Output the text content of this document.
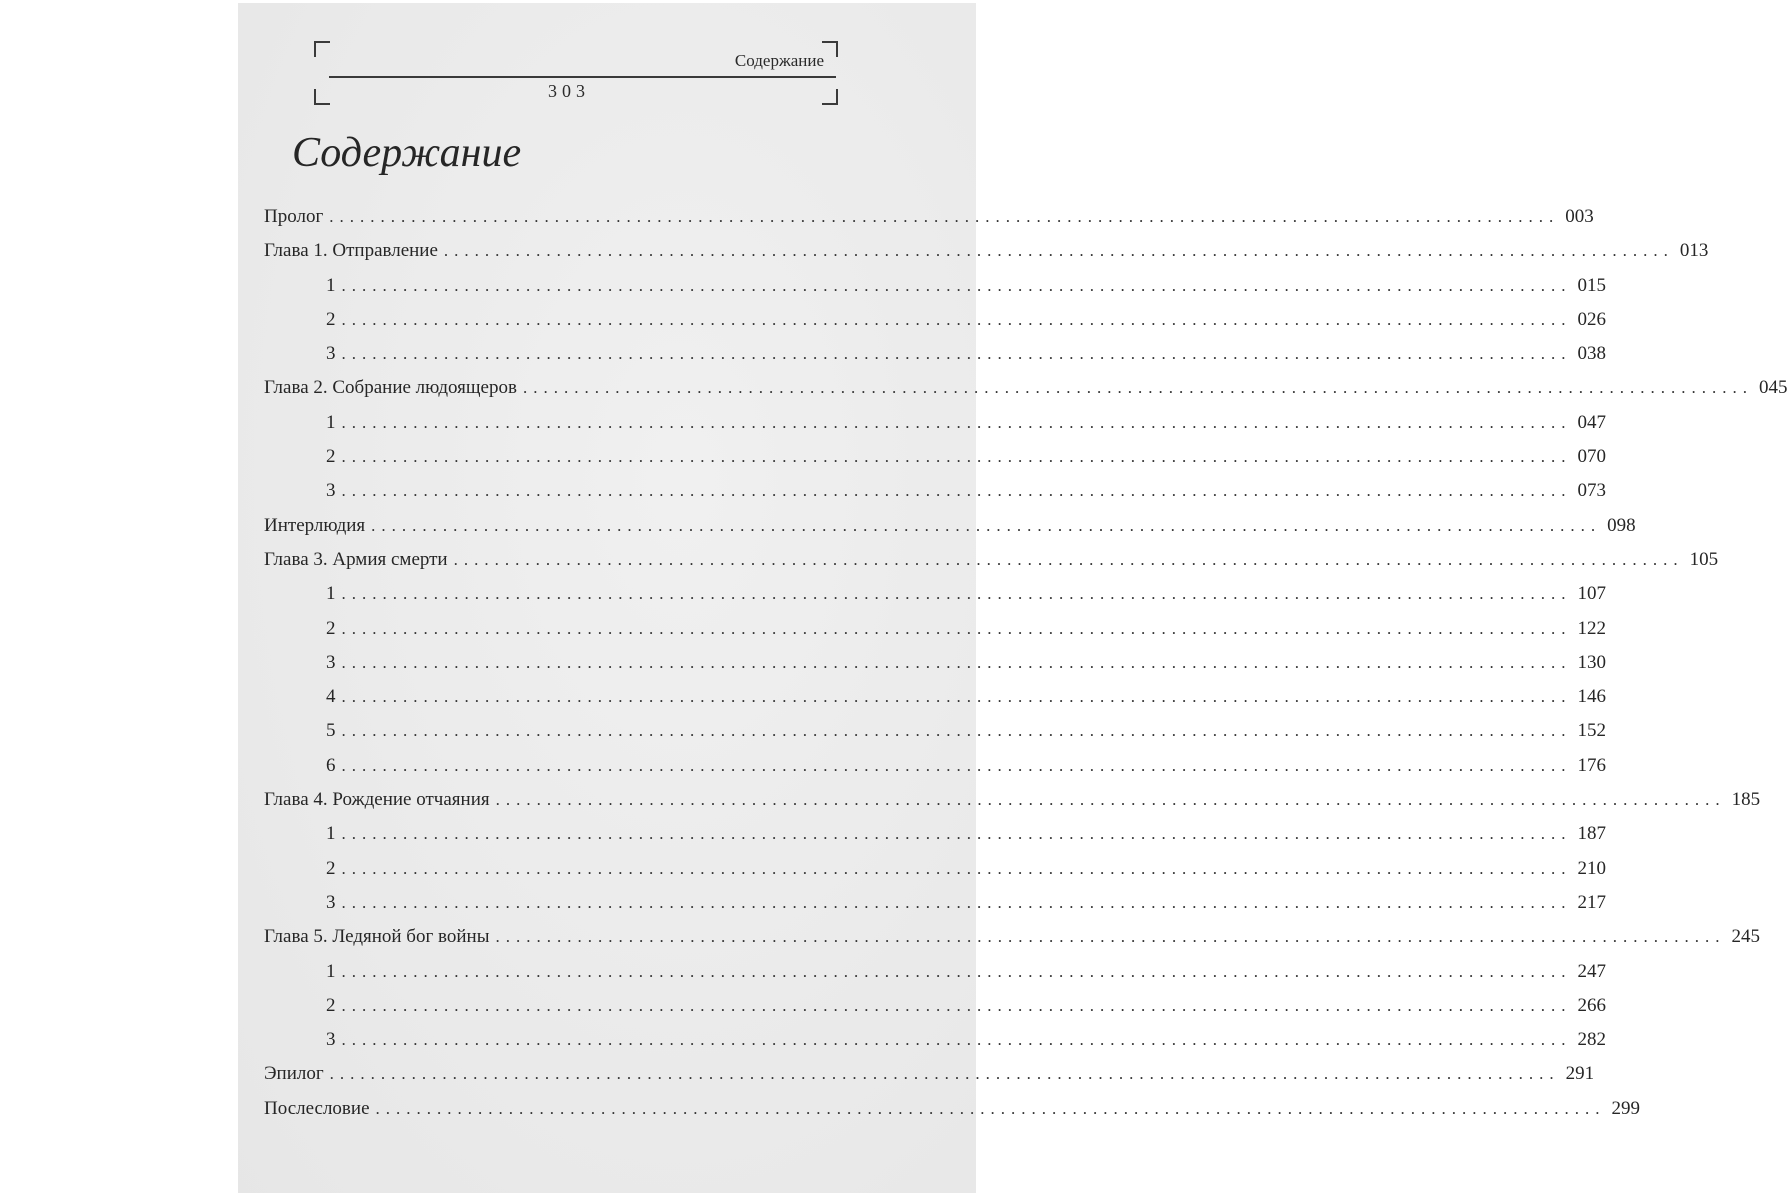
Содержание
303
Содержание
Пролог ........................................................................................................................ 003
Глава 1. Отправление ........................................................................................................................ 013
1 ........................................................................................................................ 015
2 ........................................................................................................................ 026
3 ........................................................................................................................ 038
Глава 2. Собрание людоящеров ........................................................................................................................ 045
1 ........................................................................................................................ 047
2 ........................................................................................................................ 070
3 ........................................................................................................................ 073
Интерлюдия ........................................................................................................................ 098
Глава 3. Армия смерти ........................................................................................................................ 105
1 ........................................................................................................................ 107
2 ........................................................................................................................ 122
3 ........................................................................................................................ 130
4 ........................................................................................................................ 146
5 ........................................................................................................................ 152
6 ........................................................................................................................ 176
Глава 4. Рождение отчаяния ........................................................................................................................ 185
1 ........................................................................................................................ 187
2 ........................................................................................................................ 210
3 ........................................................................................................................ 217
Глава 5. Ледяной бог войны ........................................................................................................................ 245
1 ........................................................................................................................ 247
2 ........................................................................................................................ 266
3 ........................................................................................................................ 282
Эпилог ........................................................................................................................ 291
Послесловие ........................................................................................................................ 299
